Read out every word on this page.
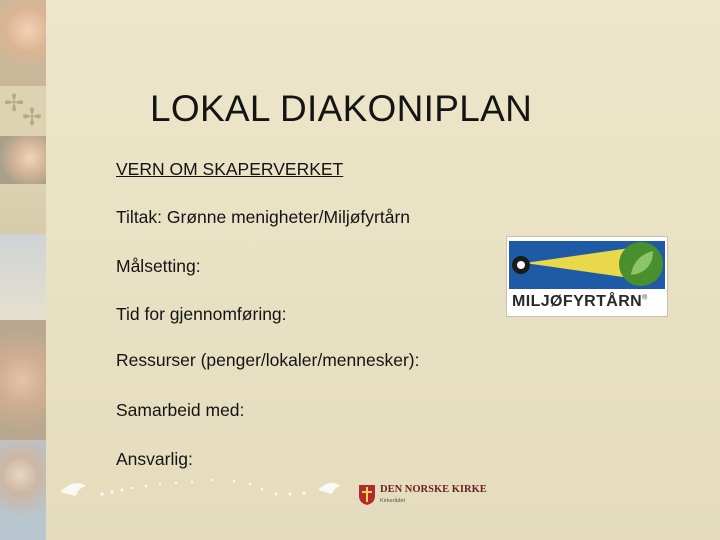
✢
✢	LOKAL DIAKONIPLAN
VERN OM SKAPERVERKET
Tiltak: Grønne menigheter/Miljøfyrtårn
Målsetting:
Tid for gjennomføring:
Ressurser (penger/lokaler/mennesker):
Samarbeid med:
Ansvarlig:
MILJØFYRTÅRN®
DEN NORSKE KIRKE
Kirkerådet
